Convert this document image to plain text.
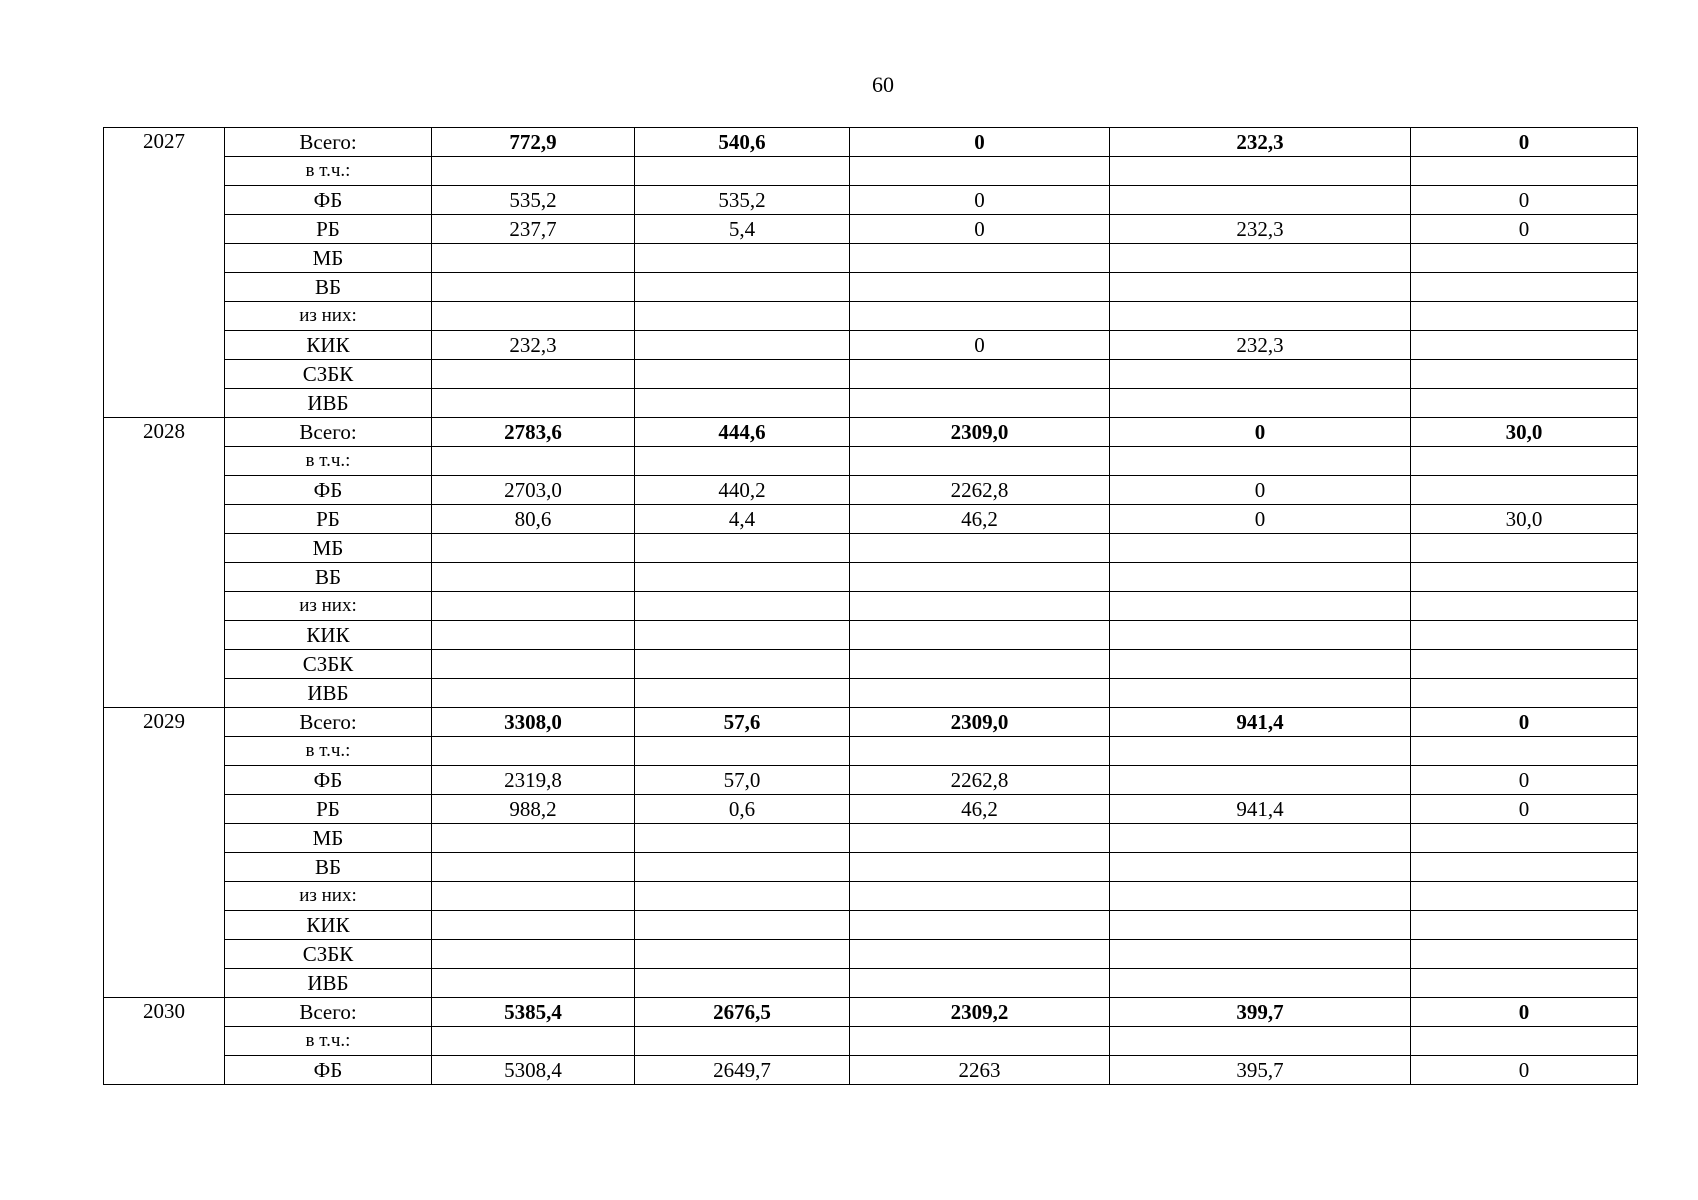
60
2027	Всего:	772,9	540,6	0	232,3	0
	в т.ч.:					
	ФБ	535,2	535,2	0		0
	РБ	237,7	5,4	0	232,3	0
	МБ					
	ВБ					
	из них:					
	КИК	232,3		0	232,3	
	СЗБК					
	ИВБ					
2028	Всего:	2783,6	444,6	2309,0	0	30,0
	в т.ч.:					
	ФБ	2703,0	440,2	2262,8	0	
	РБ	80,6	4,4	46,2	0	30,0
	МБ					
	ВБ					
	из них:					
	КИК					
	СЗБК					
	ИВБ					
2029	Всего:	3308,0	57,6	2309,0	941,4	0
	в т.ч.:					
	ФБ	2319,8	57,0	2262,8		0
	РБ	988,2	0,6	46,2	941,4	0
	МБ					
	ВБ					
	из них:					
	КИК					
	СЗБК					
	ИВБ					
2030	Всего:	5385,4	2676,5	2309,2	399,7	0
	в т.ч.:					
	ФБ	5308,4	2649,7	2263	395,7	0
